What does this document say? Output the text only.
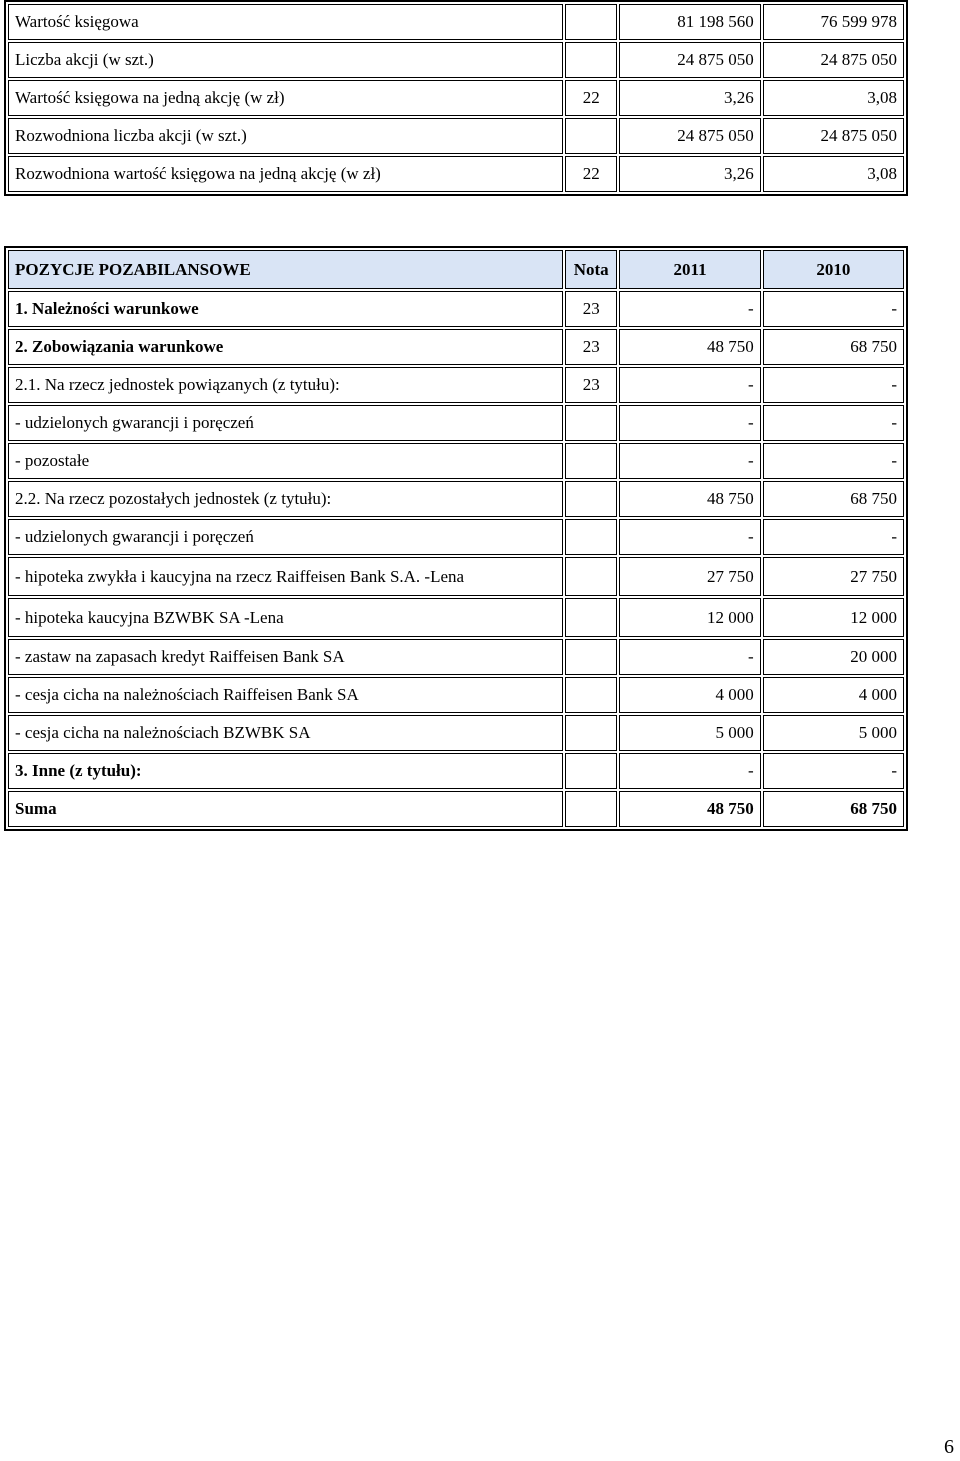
Wartość księgowa		81 198 560	76 599 978
Liczba akcji (w szt.)		24 875 050	24 875 050
Wartość księgowa na jedną akcję (w zł)	22	3,26	3,08
Rozwodniona liczba akcji (w szt.)		24 875 050	24 875 050
Rozwodniona wartość księgowa na jedną akcję (w zł)	22	3,26	3,08
POZYCJE POZABILANSOWE	Nota	2011	2010
1. Należności warunkowe	23	-	-
2. Zobowiązania warunkowe	23	48 750	68 750
2.1. Na rzecz jednostek powiązanych (z tytułu):	23	-	-
- udzielonych gwarancji i poręczeń		-	-
- pozostałe		-	-
2.2. Na rzecz pozostałych jednostek (z tytułu):		48 750	68 750
- udzielonych gwarancji i poręczeń		-	-
- hipoteka zwykła i kaucyjna na rzecz Raiffeisen Bank S.A. -Lena		27 750	27 750
- hipoteka kaucyjna BZWBK SA -Lena		12 000	12 000
- zastaw na zapasach kredyt Raiffeisen Bank SA		-	20 000
- cesja cicha na należnościach Raiffeisen Bank SA		4 000	4 000
- cesja cicha na należnościach BZWBK SA		5 000	5 000
3. Inne (z tytułu):		-	-
Suma		48 750	68 750
6
